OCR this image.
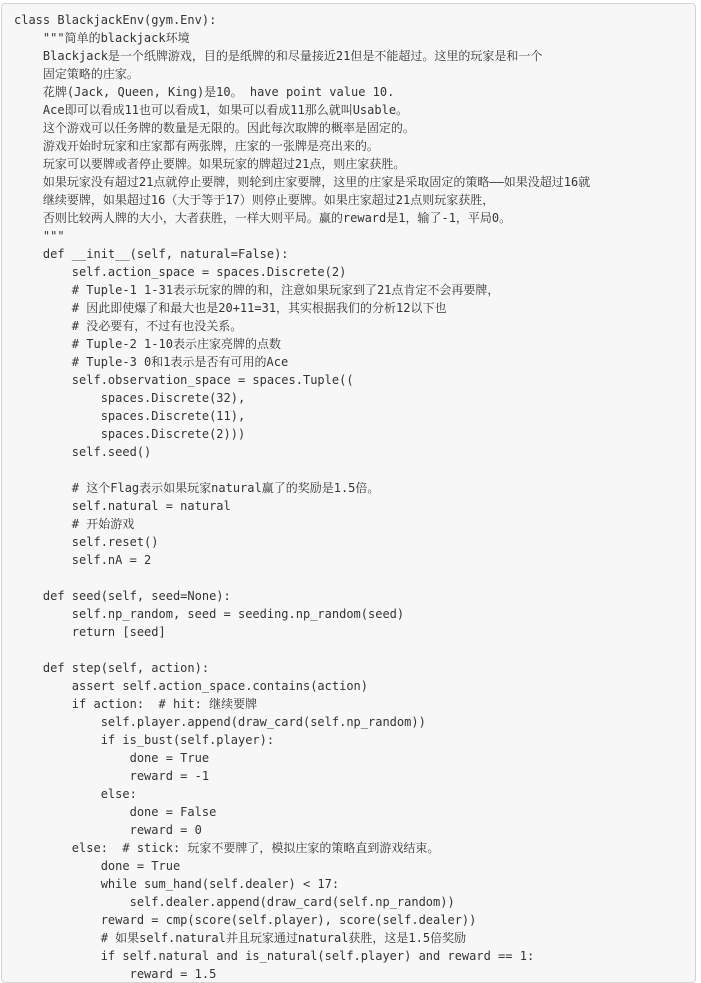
class BlackjackEnv(gym.Env):
"""简单的blackjack环境
Blackjack是一个纸牌游戏，目的是纸牌的和尽量接近21但是不能超过。这里的玩家是和一个
固定策略的庄家。
花牌(Jack, Queen, King)是10。 have point value 10.
Ace即可以看成11也可以看成1，如果可以看成11那么就叫Usable。
这个游戏可以任务牌的数量是无限的。因此每次取牌的概率是固定的。
游戏开始时玩家和庄家都有两张牌，庄家的一张牌是亮出来的。
玩家可以要牌或者停止要牌。如果玩家的牌超过21点，则庄家获胜。
如果玩家没有超过21点就停止要牌，则轮到庄家要牌，这里的庄家是采取固定的策略——如果没超过16就
继续要牌，如果超过16（大于等于17）则停止要牌。如果庄家超过21点则玩家获胜，
否则比较两人牌的大小，大者获胜，一样大则平局。赢的reward是1，输了-1，平局0。
"""
def __init__(self, natural=False):
self.action_space = spaces.Discrete(2)
# Tuple-1 1-31表示玩家的牌的和，注意如果玩家到了21点肯定不会再要牌，
# 因此即使爆了和最大也是20+11=31，其实根据我们的分析12以下也
# 没必要有，不过有也没关系。
# Tuple-2 1-10表示庄家亮牌的点数
# Tuple-3 0和1表示是否有可用的Ace
self.observation_space = spaces.Tuple((
spaces.Discrete(32),
spaces.Discrete(11),
spaces.Discrete(2)))
self.seed()
# 这个Flag表示如果玩家natural赢了的奖励是1.5倍。
self.natural = natural
# 开始游戏
self.reset()
self.nA = 2
def seed(self, seed=None):
self.np_random, seed = seeding.np_random(seed)
return [seed]
def step(self, action):
assert self.action_space.contains(action)
if action:  # hit: 继续要牌
self.player.append(draw_card(self.np_random))
if is_bust(self.player):
done = True
reward = -1
else:
done = False
reward = 0
else:  # stick: 玩家不要牌了，模拟庄家的策略直到游戏结束。
done = True
while sum_hand(self.dealer) < 17:
self.dealer.append(draw_card(self.np_random))
reward = cmp(score(self.player), score(self.dealer))
# 如果self.natural并且玩家通过natural获胜，这是1.5倍奖励
if self.natural and is_natural(self.player) and reward == 1:
reward = 1.5
